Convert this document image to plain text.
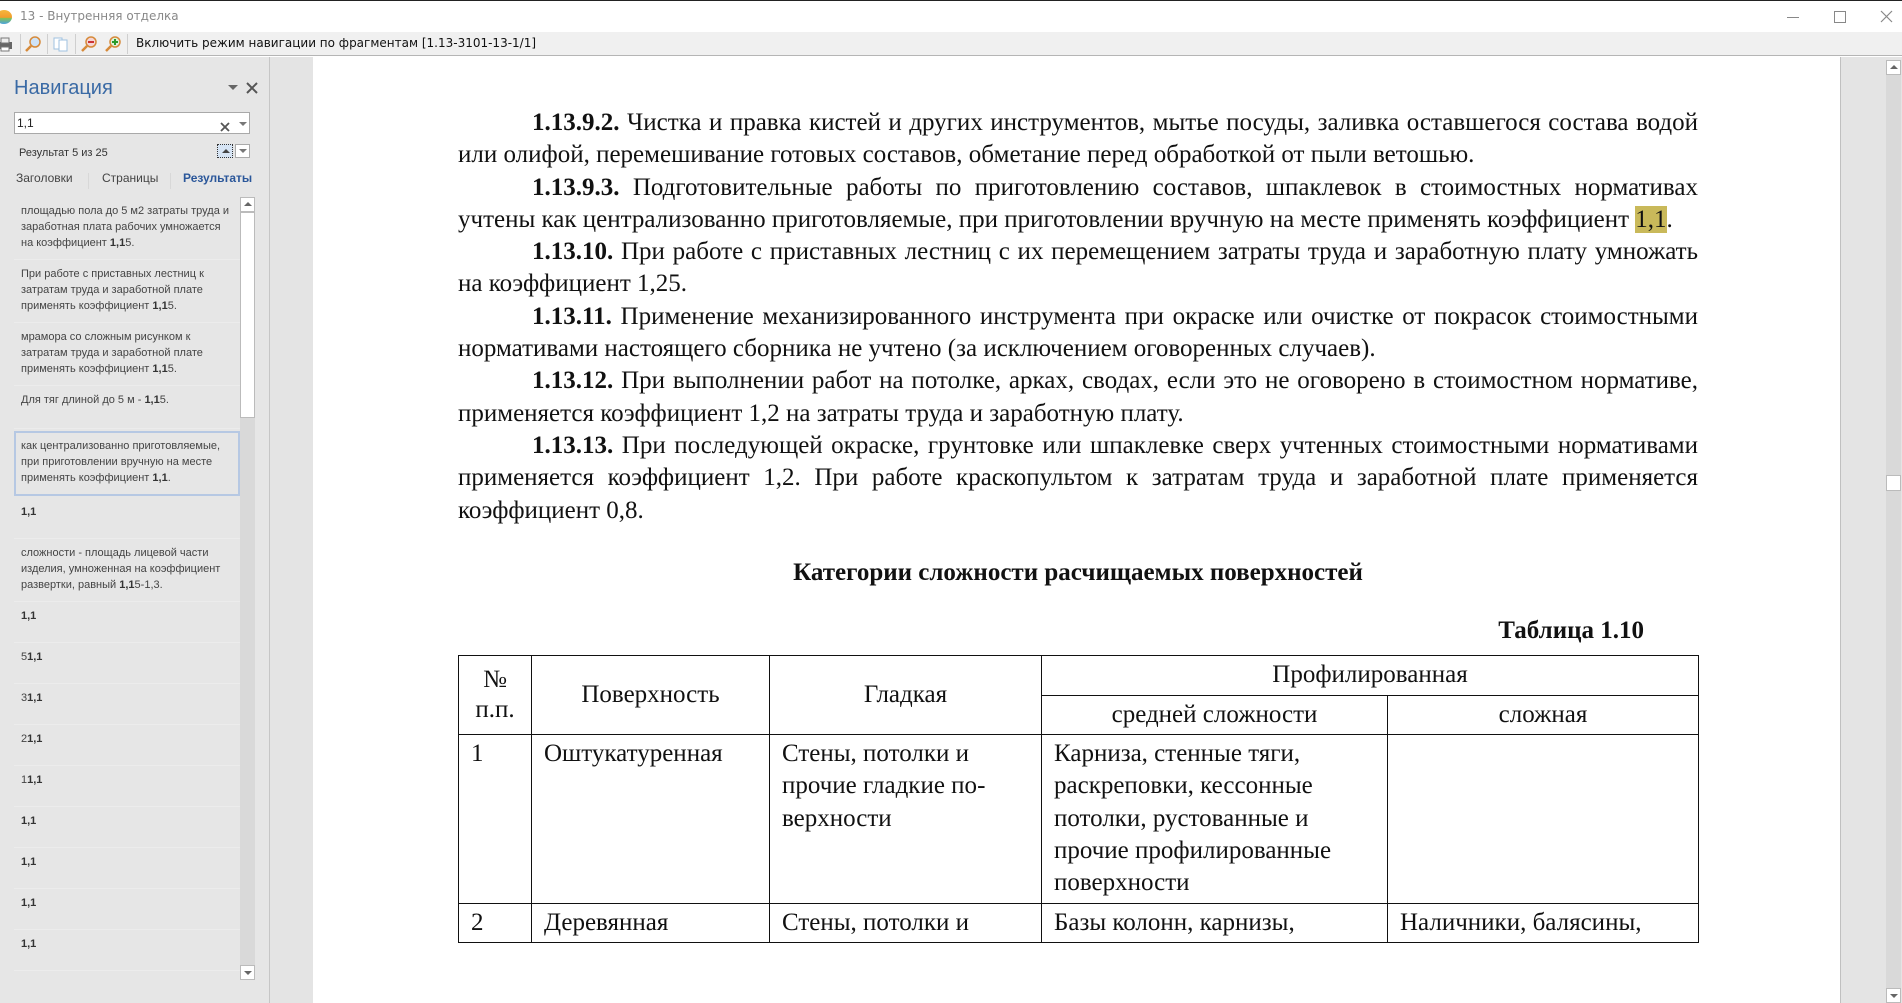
13 - Внутренняя отделка
Включить режим навигации по фрагментам [1.13-3101-13-1/1]
Навигация
1,1
Результат 5 из 25
Заголовки Страницы Результаты
площадью пола до 5 м2 затраты труда и заработная плата рабочих умножается на коэффициент 1,15.
При работе с приставных лестниц к затратам труда и заработной плате применять коэффициент 1,15.
мрамора со сложным рисунком к затратам труда и заработной плате применять коэффициент 1,15.
Для тяг длиной до 5 м - 1,15.
как централизованно приготовляемые, при приготовлении вручную на месте применять коэффициент 1,1.
1,1
сложности - площадь лицевой части изделия, умноженная на коэффициент развертки, равный 1,15-1,3.
1,1
51,1
31,1
21,1
11,1
1,1
1,1
1,1
1,1

1.13.9.2. Чистка и правка кистей и других инструментов, мытье посуды, заливка оставшегося состава водой или олифой, перемешивание готовых составов, обметание перед обработкой от пыли ветошью.

1.13.9.3. Подготовительные работы по приготовлению составов, шпаклевок в стоимостных нормативах учтены как централизованно приготовляемые, при приготовлении вручную на месте применять коэффициент 1,1.

1.13.10. При работе с приставных лестниц с их перемещением затраты труда и заработную плату умножать на коэффициент 1,25.

1.13.11. Применение механизированного инструмента при окраске или очистке от покрасок стоимостными нормативами настоящего сборника не учтено (за исключением оговоренных случаев).

1.13.12. При выполнении работ на потолке, арках, сводах, если это не оговорено в стоимостном нормативе, применяется коэффициент 1,2 на затраты труда и заработную плату.

1.13.13. При последующей окраске, грунтовке или шпаклевке сверх учтенных стоимостными нормативами применяется коэффициент 1,2. При работе краскопультом к затратам труда и заработной плате применяется коэффициент 0,8.

Категории сложности расчищаемых поверхностей
Таблица 1.10
№ п.п.	Поверхность	Гладкая	Профилированная	
			средней сложности	сложная
1	Оштукатуренная	Стены, потолки и прочие гладкие поверхности	Карниза, стенные тяги, раскреповки, кессонные потолки, рустованные и прочие профилированные поверхности	
2	Деревянная	Стены, потолки и	Базы колонн, карнизы,	Наличники, балясины,
